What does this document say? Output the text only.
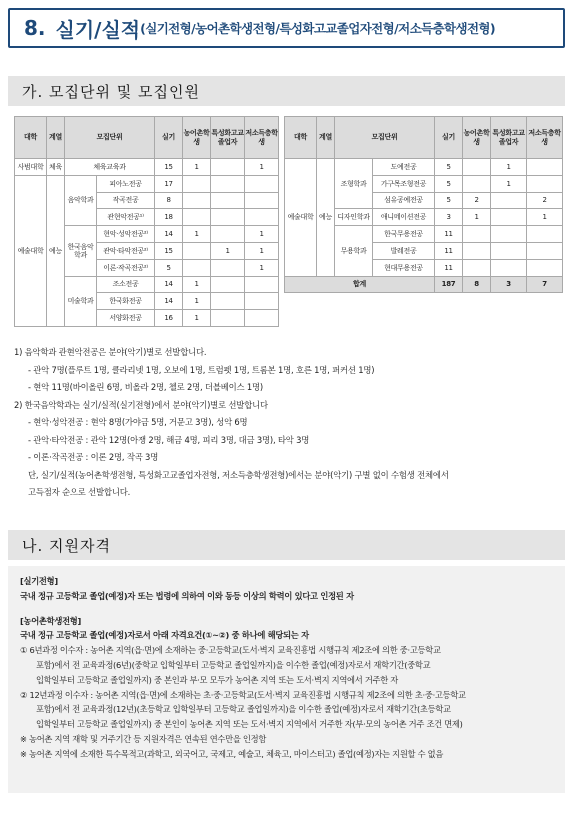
8. 실기/실적 (실기전형/농어촌학생전형/특성화고교졸업자전형/저소득층학생전형)
가. 모집단위 및 모집인원
대학	계열	모집단위		실기	농어촌학생	특성화고교졸업자	저소득층학생
사범대학	체육	체육교육과		15	1		1
예술대학	예능	음악학과	피아노전공	17			
			작곡전공	8			
			관현악전공¹⁾	18			
		한국음악학과	현악·성악전공²⁾	14	1		1
			관악·타악전공²⁾	15		1	1
			이론·작곡전공²⁾	5			1
		미술학과	조소전공	14	1		
			한국화전공	14	1		
			서양화전공	16	1		
대학	계열	모집단위		실기	농어촌학생	특성화고교졸업자	저소득층학생
예술대학	예능	조형학과	도예전공	5		1	
			가구목조형전공	5		1	
			섬유공예전공	5	2		2
		디자인학과	애니메이션전공	3	1		1
		무용학과	한국무용전공	11			
			발레전공	11			
			현대무용전공	11			
합계				187	8	3	7
1) 음악학과 관현악전공은 분야(악기)별로 선발합니다.
- 관악 7명(플루트 1명, 클라리넷 1명, 오보에 1명, 트럼펫 1명, 트롬본 1명, 호른 1명, 퍼커션 1명)
- 현악 11명(바이올린 6명, 비올라 2명, 첼로 2명, 더블베이스 1명)
2) 한국음악학과는 실기/실적(실기전형)에서 분야(악기)별로 선발합니다
- 현악·성악전공 : 현악 8명(가야금 5명, 거문고 3명), 성악 6명
- 관악·타악전공 : 관악 12명(아쟁 2명, 해금 4명, 피리 3명, 대금 3명), 타악 3명
- 이론·작곡전공 : 이론 2명, 작곡 3명
단, 실기/실적(농어촌학생전형, 특성화고교졸업자전형, 저소득층학생전형)에서는 분야(악기) 구별 없이 수험생 전체에서
고득점자 순으로 선발합니다.
나. 지원자격
[실기전형]
국내 정규 고등학교 졸업(예정)자 또는 법령에 의하여 이와 동등 이상의 학력이 있다고 인정된 자
[농어촌학생전형]
국내 정규 고등학교 졸업(예정)자로서 아래 자격요건(①~②) 중 하나에 해당되는 자
① 6년과정 이수자 : 농어촌 지역(읍·면)에 소재하는 중·고등학교(도서·벽지 교육진흥법 시행규칙 제2조에 의한 중·고등학교
포함)에서 전 교육과정(6년)(중학교 입학일부터 고등학교 졸업일까지)을 이수한 졸업(예정)자로서 재학기간(중학교
입학일부터 고등학교 졸업일까지) 중 본인과 부·모 모두가 농어촌 지역 또는 도서·벽지 지역에서 거주한 자
② 12년과정 이수자 : 농어촌 지역(읍·면)에 소재하는 초·중·고등학교(도서·벽지 교육진흥법 시행규칙 제2조에 의한 초·중·고등학교
포함)에서 전 교육과정(12년)(초등학교 입학일부터 고등학교 졸업일까지)을 이수한 졸업(예정)자로서 재학기간(초등학교
입학일부터 고등학교 졸업일까지) 중 본인이 농어촌 지역 또는 도서·벽지 지역에서 거주한 자(부·모의 농어촌 거주 조건 면제)
※ 농어촌 지역 재학 및 거주기간 등 지원자격은 연속된 연수만을 인정함
※ 농어촌 지역에 소재한 특수목적고(과학고, 외국어고, 국제고, 예술고, 체육고, 마이스터고) 졸업(예정)자는 지원할 수 없음
